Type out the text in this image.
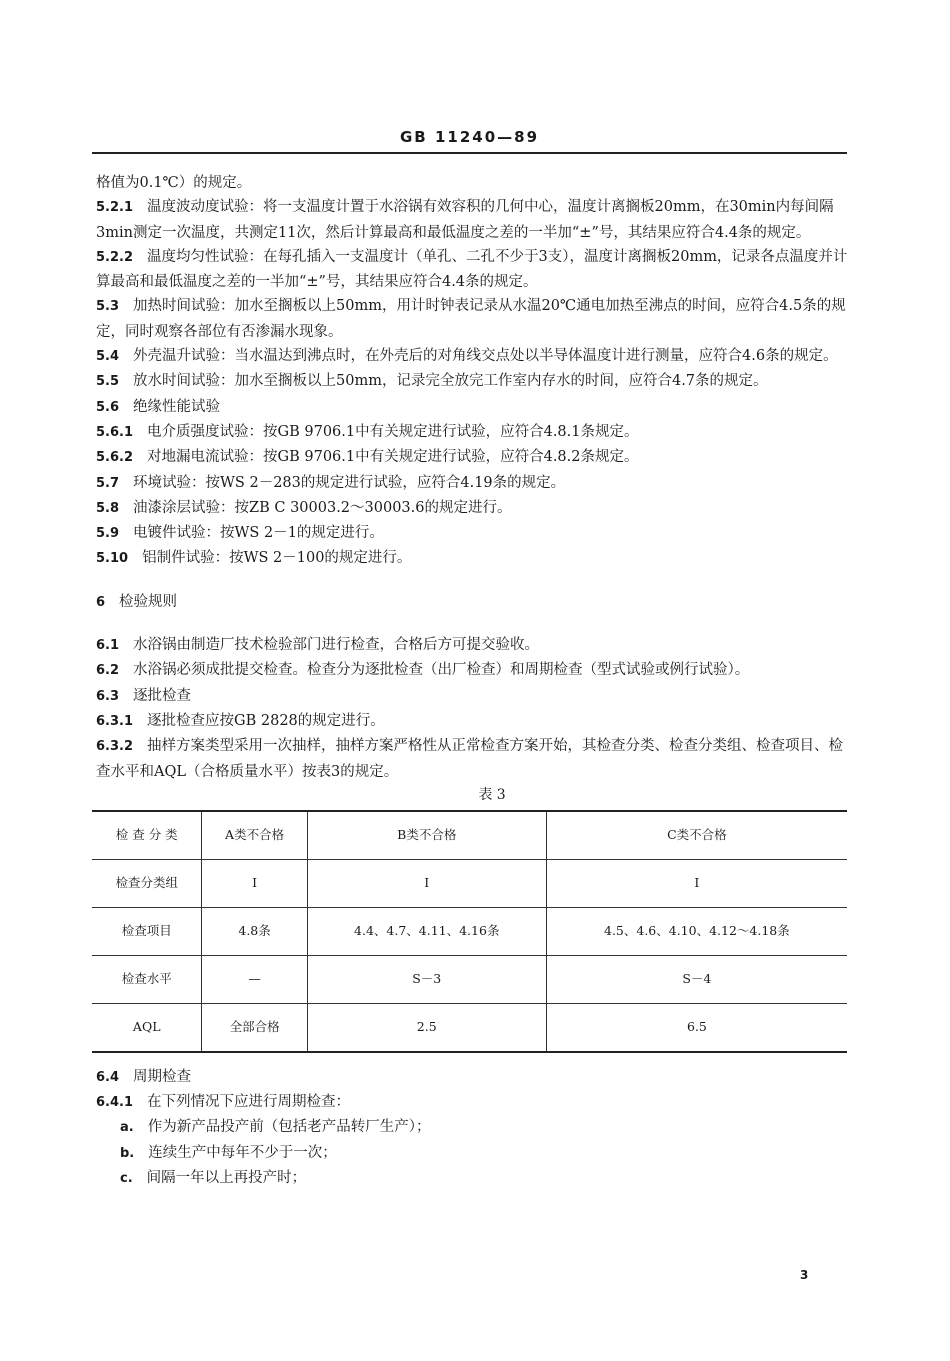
GB 11240—89

格值为0.1℃）的规定。

5.2.1 温度波动度试验：将一支温度计置于水浴锅有效容积的几何中心，温度计离搁板20mm，在30min内每间隔3min测定一次温度，共测定11次，然后计算最高和最低温度之差的一半加“±”号，其结果应符合4.4条的规定。

5.2.2 温度均匀性试验：在每孔插入一支温度计（单孔、二孔不少于3支），温度计离搁板20mm，记录各点温度并计算最高和最低温度之差的一半加“±”号，其结果应符合4.4条的规定。

5.3 加热时间试验：加水至搁板以上50mm，用计时钟表记录从水温20℃通电加热至沸点的时间，应符合4.5条的规定，同时观察各部位有否渗漏水现象。

5.4 外壳温升试验：当水温达到沸点时，在外壳后的对角线交点处以半导体温度计进行测量，应符合4.6条的规定。

5.5 放水时间试验：加水至搁板以上50mm，记录完全放完工作室内存水的时间，应符合4.7条的规定。

5.6 绝缘性能试验

5.6.1 电介质强度试验：按GB 9706.1中有关规定进行试验，应符合4.8.1条规定。

5.6.2 对地漏电流试验：按GB 9706.1中有关规定进行试验，应符合4.8.2条规定。

5.7 环境试验：按WS 2－283的规定进行试验，应符合4.19条的规定。

5.8 油漆涂层试验：按ZB C 30003.2～30003.6的规定进行。

5.9 电镀件试验：按WS 2－1的规定进行。

5.10 铝制件试验：按WS 2－100的规定进行。

6 检验规则

6.1 水浴锅由制造厂技术检验部门进行检查，合格后方可提交验收。

6.2 水浴锅必须成批提交检查。检查分为逐批检查（出厂检查）和周期检查（型式试验或例行试验）。

6.3 逐批检查

6.3.1 逐批检查应按GB 2828的规定进行。

6.3.2 抽样方案类型采用一次抽样，抽样方案严格性从正常检查方案开始，其检查分类、检查分类组、检查项目、检查水平和AQL（合格质量水平）按表3的规定。

表 3

检 查 分 类	A类不合格	B类不合格	C类不合格
检查分类组	I	I	I
检查项目	4.8条	4.4、4.7、4.11、4.16条	4.5、4.6、4.10、4.12～4.18条
检查水平	—	S－3	S－4
AQL	全部合格	2.5	6.5

6.4 周期检查

6.4.1 在下列情况下应进行周期检查：

a. 作为新产品投产前（包括老产品转厂生产）；

b. 连续生产中每年不少于一次；

c. 间隔一年以上再投产时；

3
